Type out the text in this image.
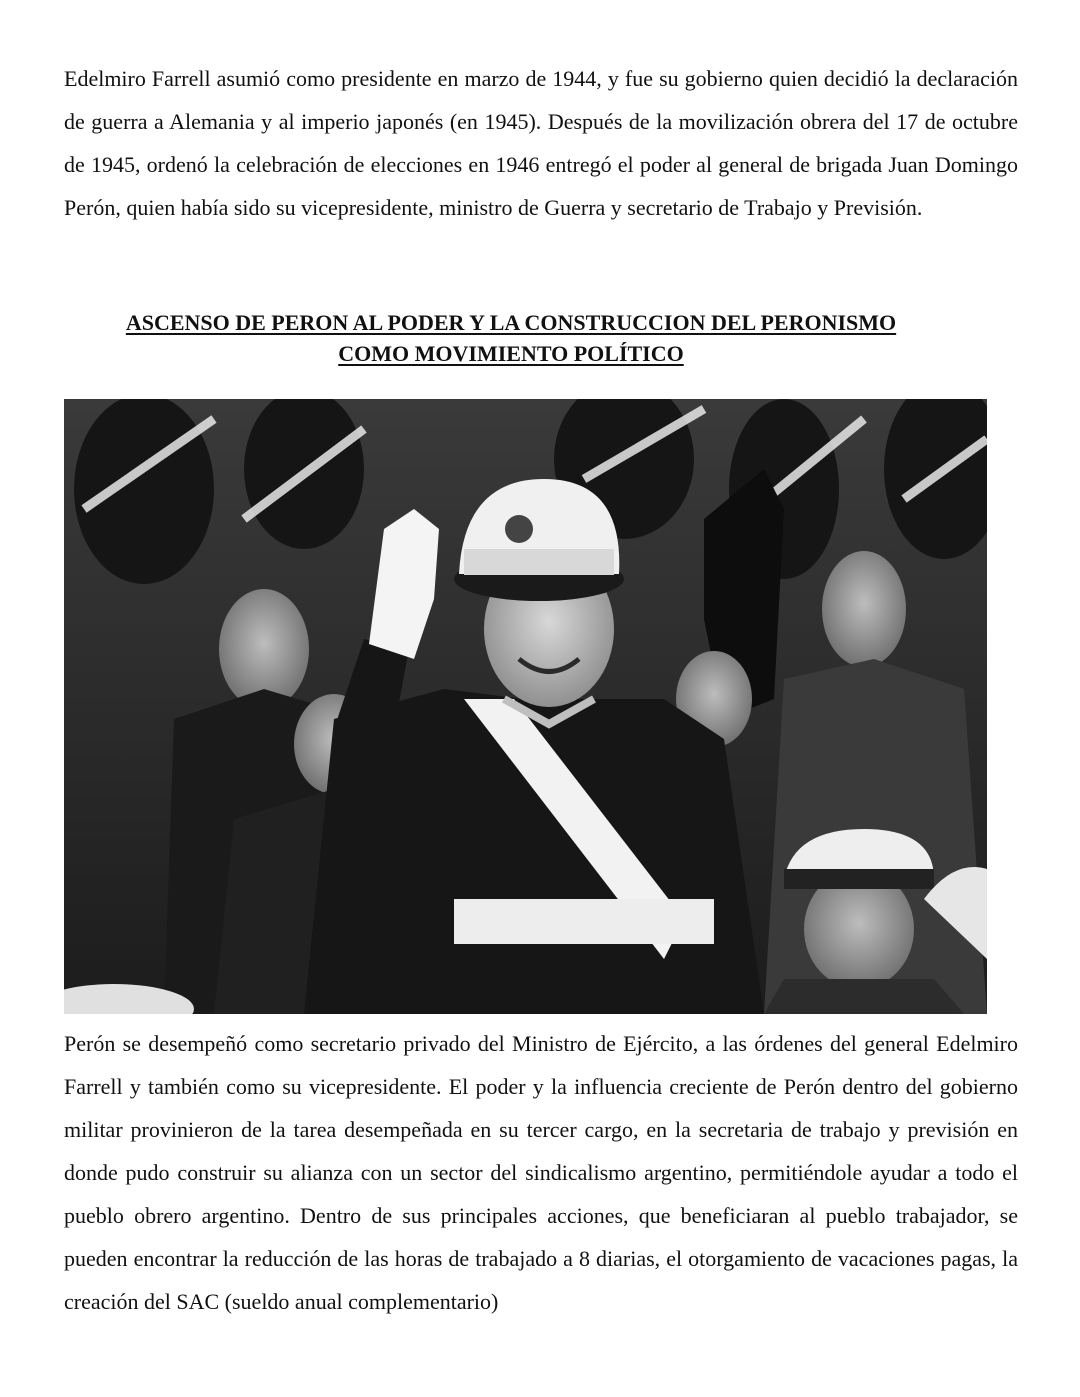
Edelmiro Farrell asumió como presidente en marzo de 1944, y fue su gobierno quien decidió la declaración de guerra a Alemania y al imperio japonés (en 1945). Después de la movilización obrera del 17 de octubre de 1945, ordenó la celebración de elecciones en 1946 entregó el poder al general de brigada Juan Domingo Perón, quien había sido su vicepresidente, ministro de Guerra y secretario de Trabajo y Previsión.

ASCENSO DE PERON AL PODER Y LA CONSTRUCCION DEL PERONISMO
COMO MOVIMIENTO POLÍTICO

Perón se desempeñó como secretario privado del Ministro de Ejército, a las órdenes del general Edelmiro Farrell y también como su vicepresidente. El poder y la influencia creciente de Perón dentro del gobierno militar provinieron de la tarea desempeñada en su tercer cargo, en la secretaria de trabajo y previsión en donde pudo construir su alianza con un sector del sindicalismo argentino, permitiéndole ayudar a todo el pueblo obrero argentino. Dentro de sus principales acciones, que beneficiaran al pueblo trabajador, se pueden encontrar la reducción de las horas de trabajado a 8 diarias, el otorgamiento de vacaciones pagas, la creación del SAC (sueldo anual complementario)
